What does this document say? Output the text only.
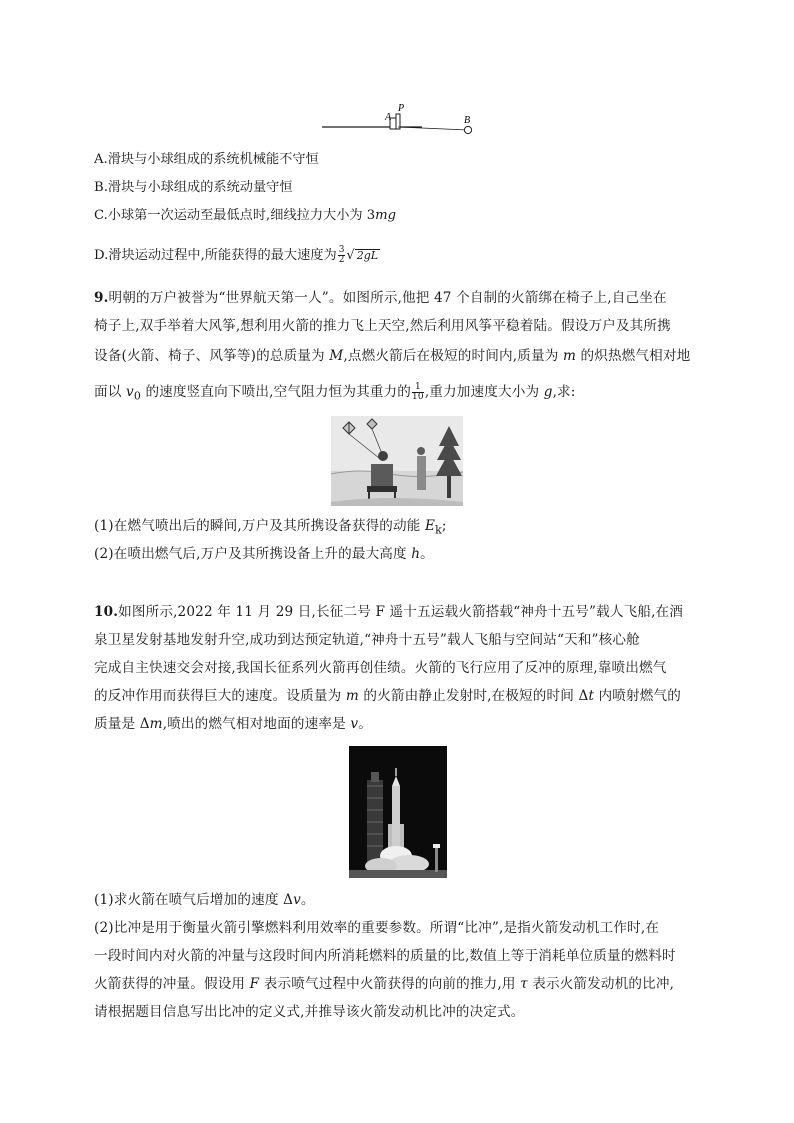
A
P
B
A.滑块与小球组成的系统机械能不守恒
B.滑块与小球组成的系统动量守恒
C.小球第一次运动至最低点时,细线拉力大小为 3mg
D.滑块运动过程中,所能获得的最大速度为 $\frac{3}{2}$ √ 2gL
9.明朝的万户被誉为“世界航天第一人”。如图所示,他把 47 个自制的火箭绑在椅子上,自己坐在
椅子上,双手举着大风筝,想利用火箭的推力飞上天空,然后利用风筝平稳着陆。假设万户及其所携
设备(火箭、椅子、风筝等)的总质量为 M,点燃火箭后在极短的时间内,质量为 m 的炽热燃气相对地
面以 $v_0$ 的速度竖直向下喷出,空气阻力恒为其重力的 $\frac{1}{10}$ ,重力加速度大小为 g,求:
(1)在燃气喷出后的瞬间,万户及其所携设备获得的动能 $E_k$;
(2)在喷出燃气后,万户及其所携设备上升的最大高度 h。
10.如图所示,2022 年 11 月 29 日,长征二号 F 遥十五运载火箭搭载“神舟十五号”载人飞船,在酒
泉卫星发射基地发射升空,成功到达预定轨道,“神舟十五号”载人飞船与空间站“天和”核心舱
完成自主快速交会对接,我国长征系列火箭再创佳绩。火箭的飞行应用了反冲的原理,靠喷出燃气
的反冲作用而获得巨大的速度。设质量为 m 的火箭由静止发射时,在极短的时间 Δt 内喷射燃气的
质量是 Δm,喷出的燃气相对地面的速率是 v。
(1)求火箭在喷气后增加的速度 Δv。
(2)比冲是用于衡量火箭引擎燃料利用效率的重要参数。所谓“比冲”,是指火箭发动机工作时,在
一段时间内对火箭的冲量与这段时间内所消耗燃料的质量的比,数值上等于消耗单位质量的燃料时
火箭获得的冲量。假设用 F 表示喷气过程中火箭获得的向前的推力,用 τ 表示火箭发动机的比冲,
请根据题目信息写出比冲的定义式,并推导该火箭发动机比冲的决定式。
